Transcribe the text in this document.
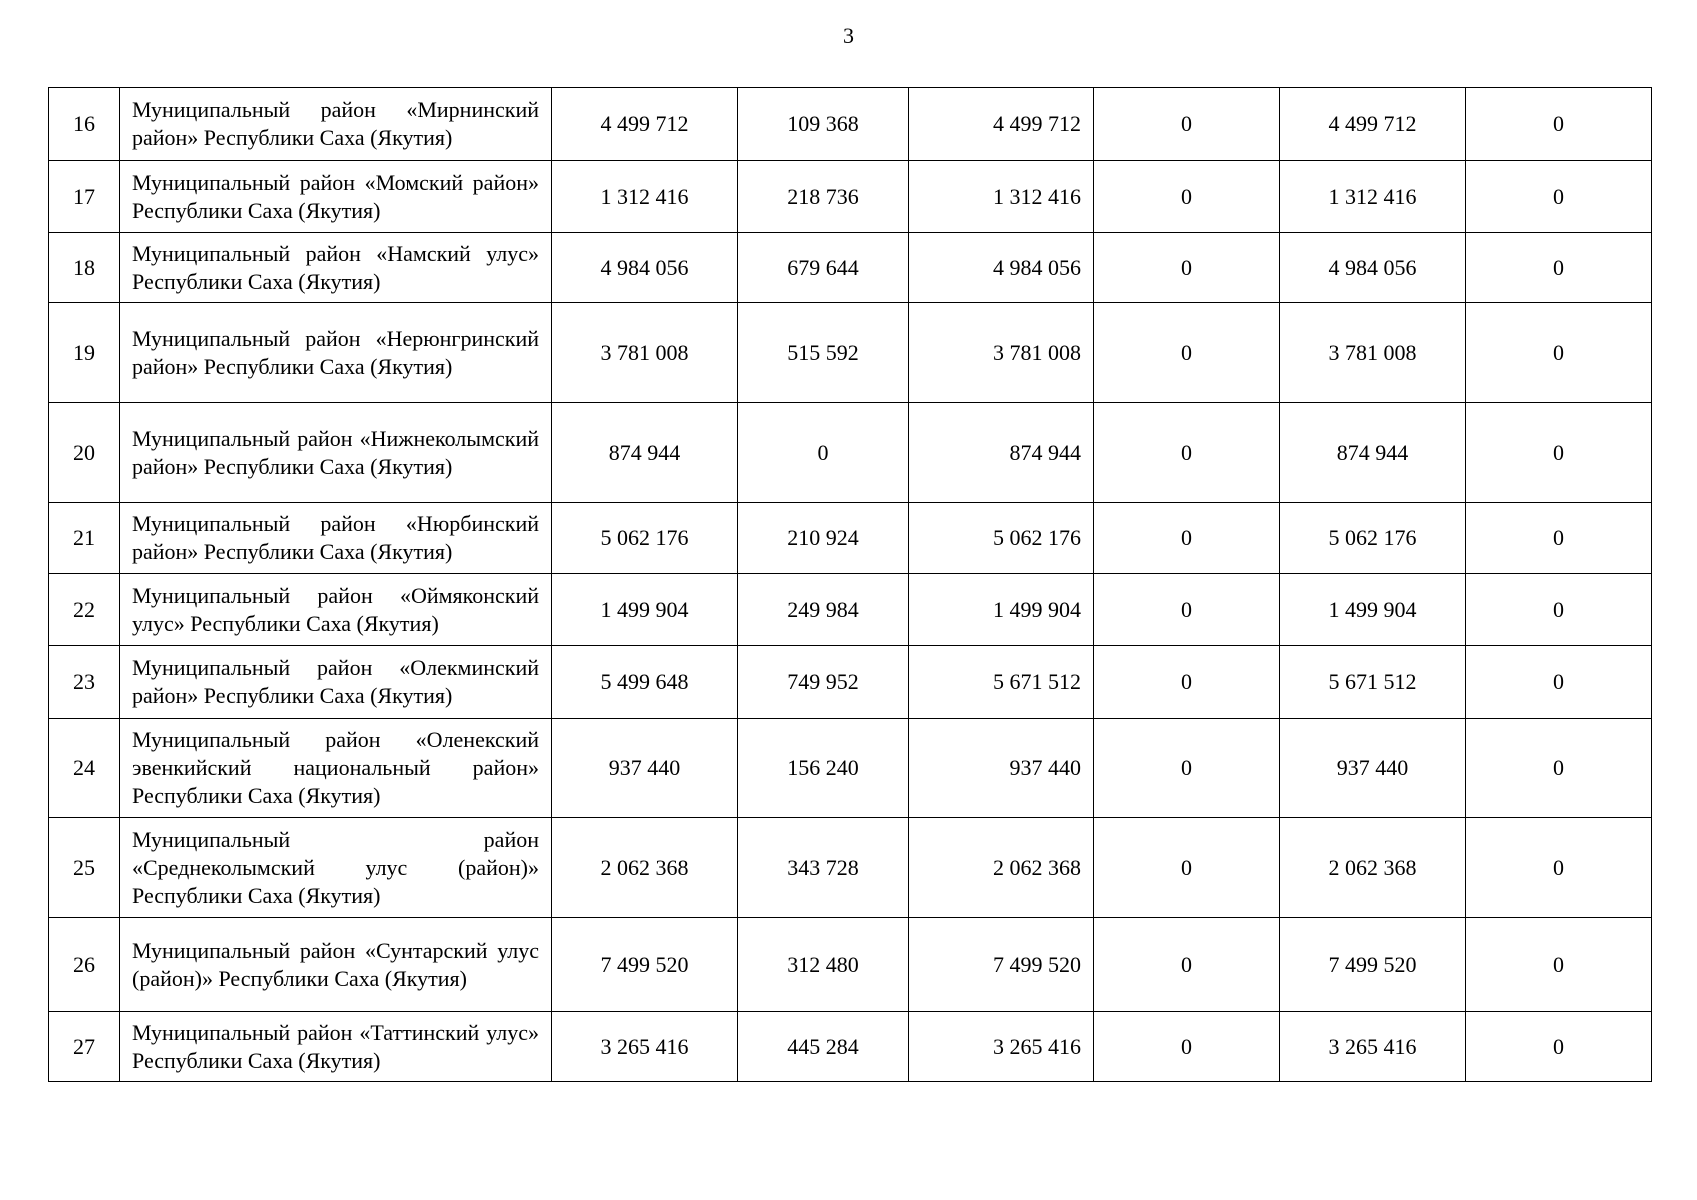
3
16	Муниципальный район «Мирнинский район» Республики Саха (Якутия)	4 499 712	109 368	4 499 712	0	4 499 712	0
17	Муниципальный район «Момский район» Республики Саха (Якутия)	1 312 416	218 736	1 312 416	0	1 312 416	0
18	Муниципальный район «Намский улус» Республики Саха (Якутия)	4 984 056	679 644	4 984 056	0	4 984 056	0
19	Муниципальный район «Нерюнгринский район» Республики Саха (Якутия)	3 781 008	515 592	3 781 008	0	3 781 008	0
20	Муниципальный район «Нижнеколымский район» Республики Саха (Якутия)	874 944	0	874 944	0	874 944	0
21	Муниципальный район «Нюрбинский район» Республики Саха (Якутия)	5 062 176	210 924	5 062 176	0	5 062 176	0
22	Муниципальный район «Оймяконский улус» Республики Саха (Якутия)	1 499 904	249 984	1 499 904	0	1 499 904	0
23	Муниципальный район «Олекминский район» Республики Саха (Якутия)	5 499 648	749 952	5 671 512	0	5 671 512	0
24	Муниципальный район «Оленекский эвенкийский национальный район» Республики Саха (Якутия)	937 440	156 240	937 440	0	937 440	0
25	Муниципальный район «Среднеколымский улус (район)» Республики Саха (Якутия)	2 062 368	343 728	2 062 368	0	2 062 368	0
26	Муниципальный район «Сунтарский улус (район)» Республики Саха (Якутия)	7 499 520	312 480	7 499 520	0	7 499 520	0
27	Муниципальный район «Таттинский улус» Республики Саха (Якутия)	3 265 416	445 284	3 265 416	0	3 265 416	0
